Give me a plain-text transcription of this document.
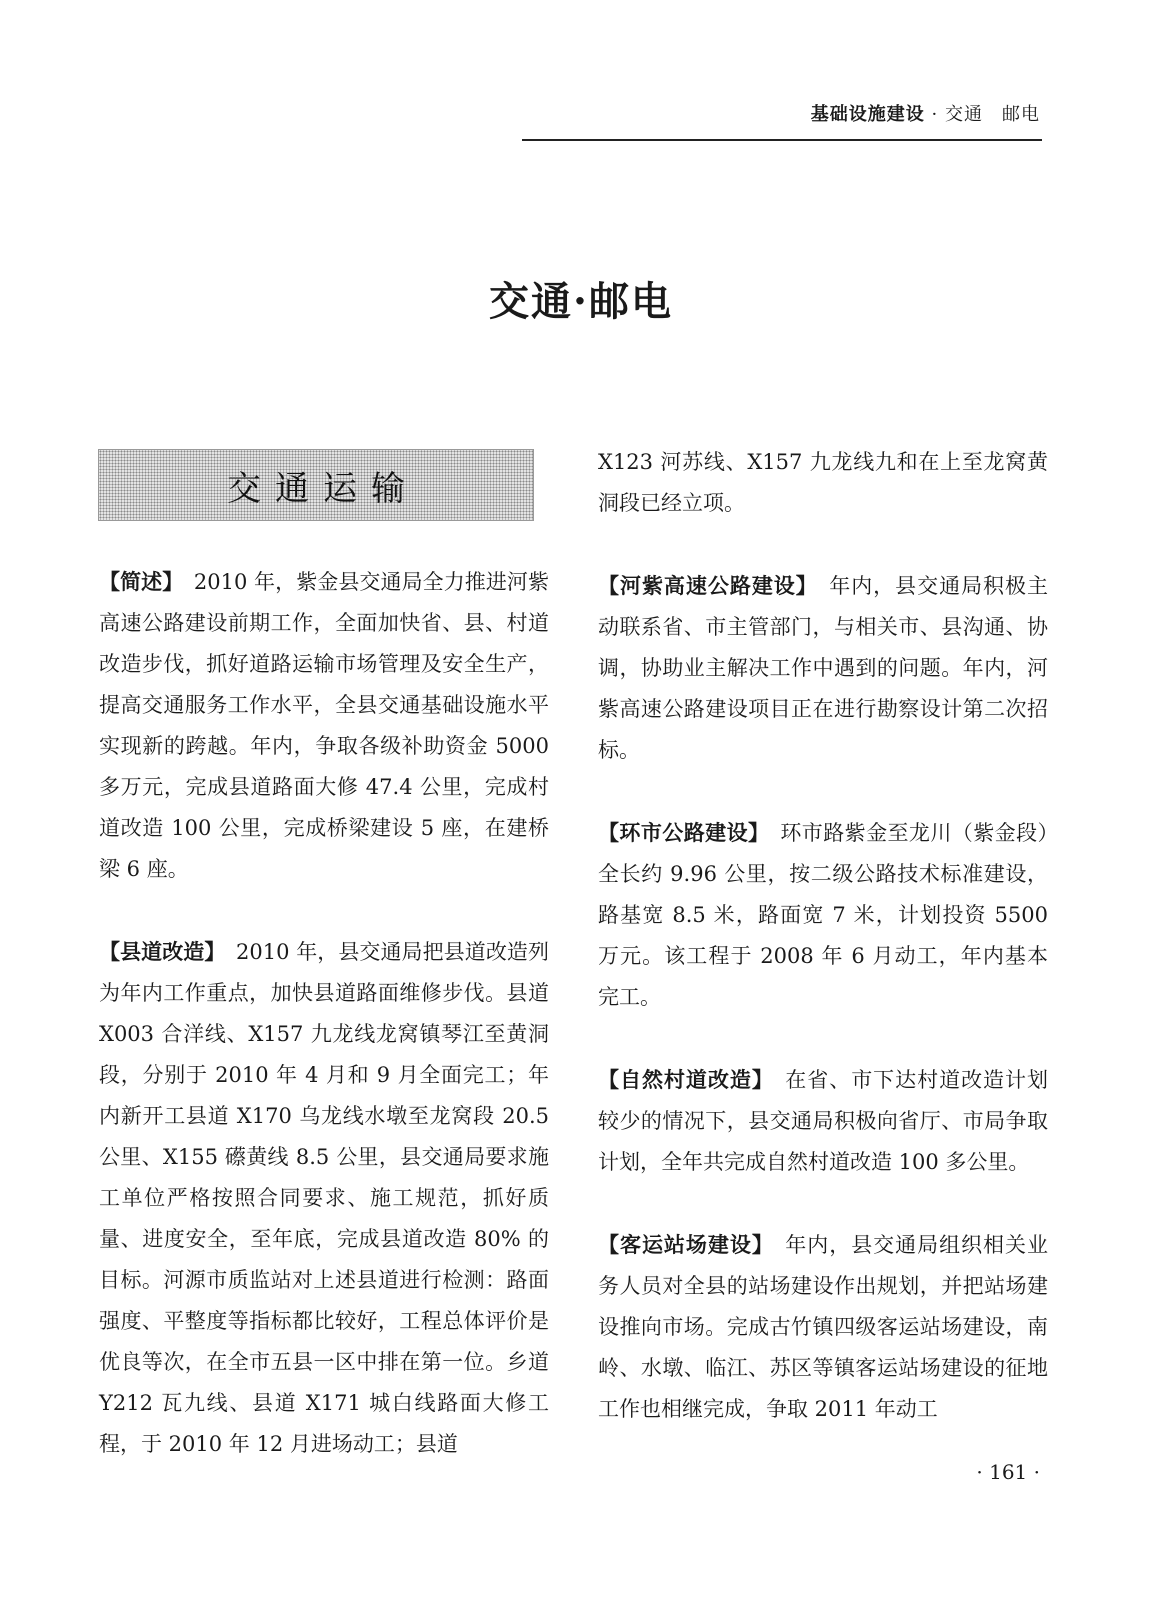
基础设施建设 · 交通　邮电
交通·邮电
交通运输

【简述】　2010 年，紫金县交通局全力推进河紫高速公路建设前期工作，全面加快省、县、村道改造步伐，抓好道路运输市场管理及安全生产，提高交通服务工作水平，全县交通基础设施水平实现新的跨越。年内，争取各级补助资金 5000 多万元，完成县道路面大修 47.4 公里，完成村道改造 100 公里，完成桥梁建设 5 座，在建桥梁 6 座。

【县道改造】　2010 年，县交通局把县道改造列为年内工作重点，加快县道路面维修步伐。县道 X003 合洋线、X157 九龙线龙窝镇琴江至黄洞段，分别于 2010 年 4 月和 9 月全面完工；年内新开工县道 X170 乌龙线水墩至龙窝段 20.5 公里、X155 礤黄线 8.5 公里，县交通局要求施工单位严格按照合同要求、施工规范，抓好质量、进度安全，至年底，完成县道改造 80% 的目标。河源市质监站对上述县道进行检测：路面强度、平整度等指标都比较好，工程总体评价是优良等次，在全市五县一区中排在第一位。乡道 Y212 瓦九线、县道 X171 城白线路面大修工程，于 2010 年 12 月进场动工；县道

X123 河苏线、X157 九龙线九和在上至龙窝黄洞段已经立项。

【河紫高速公路建设】　年内，县交通局积极主动联系省、市主管部门，与相关市、县沟通、协调，协助业主解决工作中遇到的问题。年内，河紫高速公路建设项目正在进行勘察设计第二次招标。

【环市公路建设】　环市路紫金至龙川（紫金段）全长约 9.96 公里，按二级公路技术标准建设，路基宽 8.5 米，路面宽 7 米，计划投资 5500 万元。该工程于 2008 年 6 月动工，年内基本完工。

【自然村道改造】　在省、市下达村道改造计划较少的情况下，县交通局积极向省厅、市局争取计划，全年共完成自然村道改造 100 多公里。

【客运站场建设】　年内，县交通局组织相关业务人员对全县的站场建设作出规划，并把站场建设推向市场。完成古竹镇四级客运站场建设，南岭、水墩、临江、苏区等镇客运站场建设的征地工作也相继完成，争取 2011 年动工

· 161 ·
